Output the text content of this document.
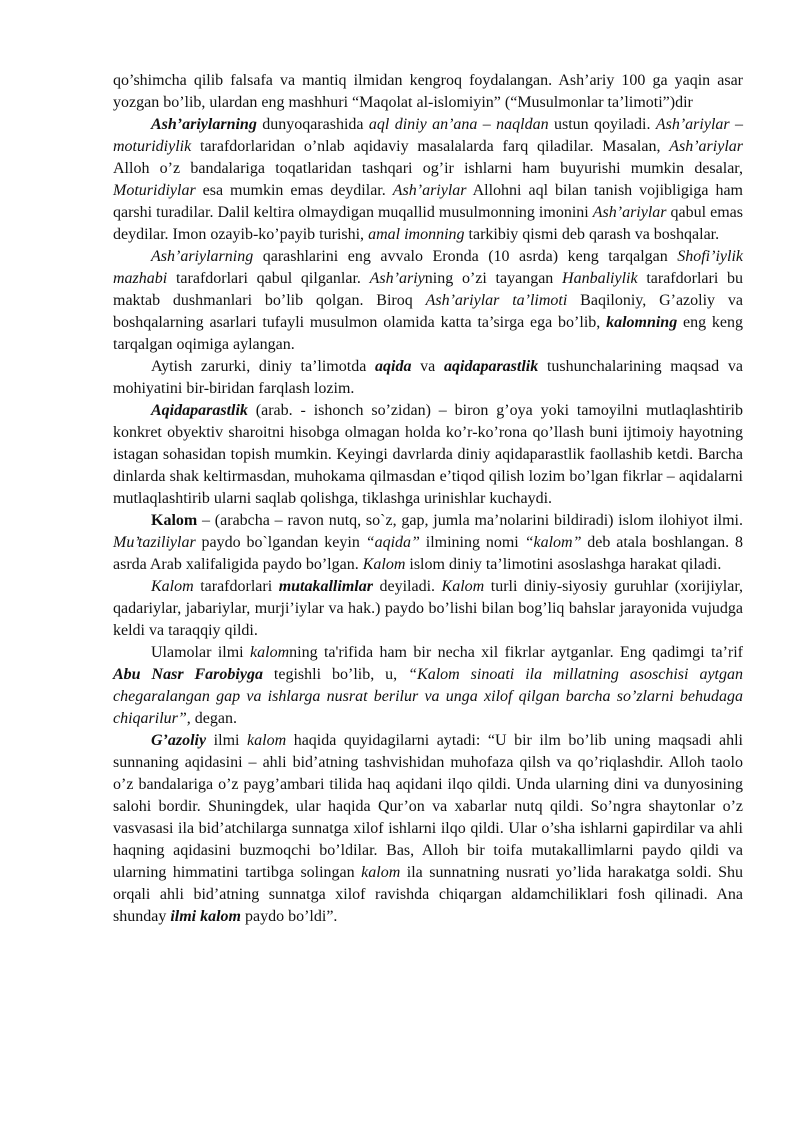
qo’shimcha qilib falsafa va mantiq ilmidan kengroq foydalangan. Ash’ariy 100 ga yaqin asar yozgan bo’lib, ulardan eng mashhuri “Maqolat al-islomiyin” (“Musulmonlar ta’limoti”)dir

Ash’ariylarning dunyoqarashida aql diniy an’ana – naqldan ustun qoyiladi. Ash’ariylar – moturidiylik tarafdorlaridan o’nlab aqidaviy masalalarda farq qiladilar. Masalan, Ash’ariylar Alloh o’z bandalariga toqatlaridan tashqari og’ir ishlarni ham buyurishi mumkin desalar, Moturidiylar esa mumkin emas deydilar. Ash’ariylar Allohni aql bilan tanish vojibligiga ham qarshi turadilar. Dalil keltira olmaydigan muqallid musulmonning imonini Ash’ariylar qabul emas deydilar. Imon ozayib-ko’payib turishi, amal imonning tarkibiy qismi deb qarash va boshqalar.

Ash’ariylarning qarashlarini eng avvalo Eronda (10 asrda) keng tarqalgan Shofi’iylik mazhabi tarafdorlari qabul qilganlar. Ash’ariyning o’zi tayangan Hanbaliylik tarafdorlari bu maktab dushmanlari bo’lib qolgan. Biroq Ash’ariylar ta’limoti Baqiloniy, G’azoliy va boshqalarning asarlari tufayli musulmon olamida katta ta’sirga ega bo’lib, kalomning eng keng tarqalgan oqimiga aylangan.

Aytish zarurki, diniy ta’limotda aqida va aqidaparastlik tushunchalarining maqsad va mohiyatini bir-biridan farqlash lozim.

Aqidaparastlik (arab. - ishonch so’zidan) – biron g’oya yoki tamoyilni mutlaqlashtirib konkret obyektiv sharoitni hisobga olmagan holda ko’r-ko’rona qo’llash buni ijtimoiy hayotning istagan sohasidan topish mumkin. Keyingi davrlarda diniy aqidaparastlik faollashib ketdi. Barcha dinlarda shak keltirmasdan, muhokama qilmasdan e’tiqod qilish lozim bo’lgan fikrlar – aqidalarni mutlaqlashtirib ularni saqlab qolishga, tiklashga urinishlar kuchaydi.

Kalom – (arabcha – ravon nutq, so`z, gap, jumla ma’nolarini bildiradi) islom ilohiyot ilmi. Mu’taziliylar paydo bo`lgandan keyin “aqida” ilmining nomi “kalom” deb atala boshlangan. 8 asrda Arab xalifaligida paydo bo’lgan. Kalom islom diniy ta’limotini asoslashga harakat qiladi.

Kalom tarafdorlari mutakallimlar deyiladi. Kalom turli diniy-siyosiy guruhlar (xorijiylar, qadariylar, jabariylar, murji’iylar va hak.) paydo bo’lishi bilan bog’liq bahslar jarayonida vujudga keldi va taraqqiy qildi.

Ulamolar ilmi kalomning ta'rifida ham bir necha xil fikrlar aytganlar. Eng qadimgi ta’rif Abu Nasr Farobiyga tegishli bo’lib, u, “Kalom sinoati ila millatning asoschisi aytgan chegaralangan gap va ishlarga nusrat berilur va unga xilof qilgan barcha so’zlarni behudaga chiqarilur”, degan.

G’azoliy ilmi kalom haqida quyidagilarni aytadi: “U bir ilm bo’lib uning maqsadi ahli sunnaning aqidasini – ahli bid’atning tashvishidan muhofaza qilsh va qo’riqlashdir. Alloh taolo o’z bandalariga o’z payg’ambari tilida haq aqidani ilqo qildi. Unda ularning dini va dunyosining salohi bordir. Shuningdek, ular haqida Qur’on va xabarlar nutq qildi. So’ngra shaytonlar o’z vasvasasi ila bid’atchilarga sunnatga xilof ishlarni ilqo qildi. Ular o’sha ishlarni gapirdilar va ahli haqning aqidasini buzmoqchi bo’ldilar. Bas, Alloh bir toifa mutakallimlarni paydo qildi va ularning himmatini tartibga solingan kalom ila sunnatning nusrati yo’lida harakatga soldi. Shu orqali ahli bid’atning sunnatga xilof ravishda chiqargan aldamchiliklari fosh qilinadi. Ana shunday ilmi kalom paydo bo’ldi”.
